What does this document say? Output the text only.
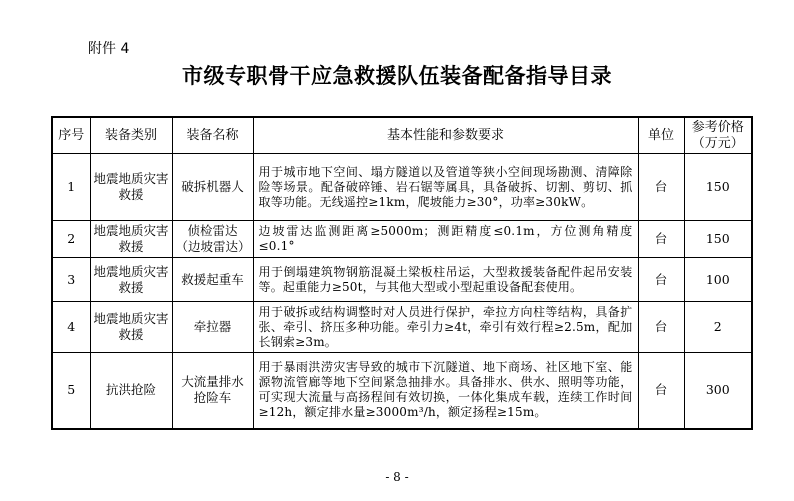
附件 4
市级专职骨干应急救援队伍装备配备指导目录
序号	装备类别	装备名称	基本性能和参数要求	单位	参考价格（万元）
1	地震地质灾害救援	破拆机器人	用于城市地下空间、塌方隧道以及管道等狭小空间现场勘测、清障除险等场景。配备破碎锤、岩石锯等属具，具备破拆、切割、剪切、抓取等功能。无线遥控≥1km，爬坡能力≥30°，功率≥30kW。	台	150
2	地震地质灾害救援	侦检雷达（边坡雷达）	边坡雷达监测距离≥5000m；测距精度≤0.1m，方位测角精度≤0.1°	台	150
3	地震地质灾害救援	救援起重车	用于倒塌建筑物钢筋混凝土梁板柱吊运，大型救援装备配件起吊安装等。起重能力≥50t，与其他大型或小型起重设备配套使用。	台	100
4	地震地质灾害救援	牵拉器	用于破拆或结构调整时对人员进行保护，牵拉方向柱等结构，具备扩张、牵引、挤压多种功能。牵引力≥4t，牵引有效行程≥2.5m，配加长钢索≥3m。	台	2
5	抗洪抢险	大流量排水抢险车	用于暴雨洪涝灾害导致的城市下沉隧道、地下商场、社区地下室、能源物流管廊等地下空间紧急抽排水。具备排水、供水、照明等功能，可实现大流量与高扬程间有效切换，一体化集成车载，连续工作时间≥12h，额定排水量≥3000m³/h，额定扬程≥15m。	台	300
- 8 -
